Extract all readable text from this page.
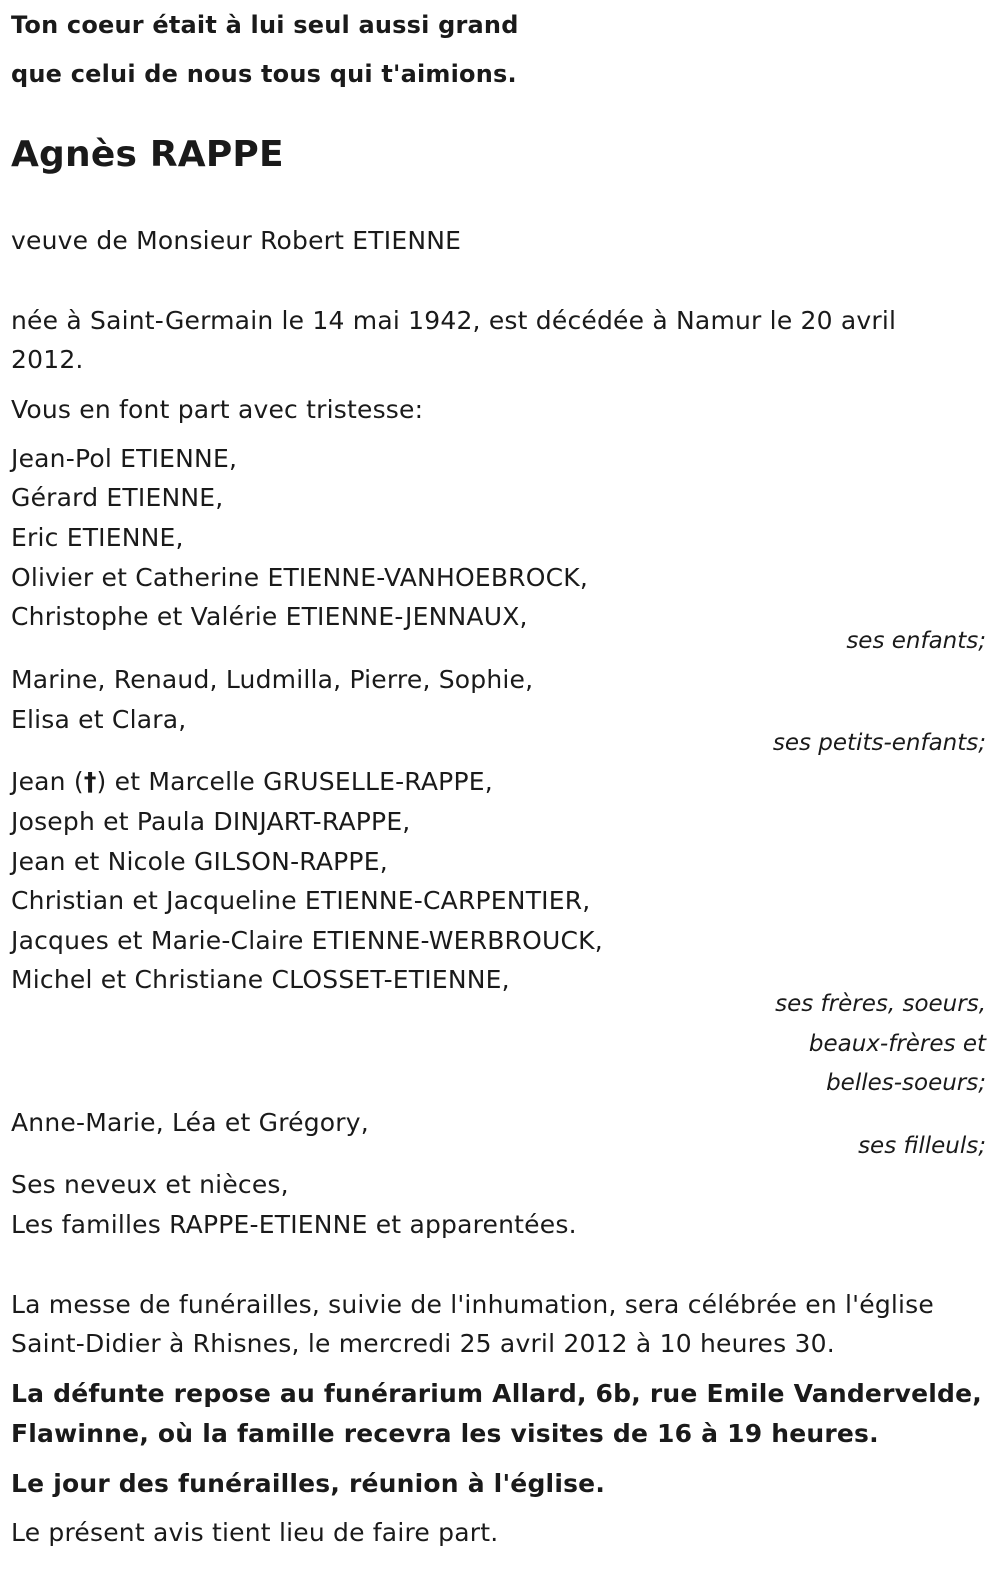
Ton coeur était à lui seul aussi grand
que celui de nous tous qui t'aimions.
Agnès RAPPE
veuve de Monsieur Robert ETIENNE
née à Saint-Germain le 14 mai 1942, est décédée à Namur le 20 avril
2012.
Vous en font part avec tristesse:
Jean-Pol ETIENNE,
Gérard ETIENNE,
Eric ETIENNE,
Olivier et Catherine ETIENNE-VANHOEBROCK,
Christophe et Valérie ETIENNE-JENNAUX,
ses enfants;
Marine, Renaud, Ludmilla, Pierre, Sophie,
Elisa et Clara,
ses petits-enfants;
Jean (†) et Marcelle GRUSELLE-RAPPE,
Joseph et Paula DINJART-RAPPE,
Jean et Nicole GILSON-RAPPE,
Christian et Jacqueline ETIENNE-CARPENTIER,
Jacques et Marie-Claire ETIENNE-WERBROUCK,
Michel et Christiane CLOSSET-ETIENNE,
ses frères, soeurs,
beaux-frères et
belles-soeurs;
Anne-Marie, Léa et Grégory,
ses filleuls;
Ses neveux et nièces,
Les familles RAPPE-ETIENNE et apparentées.
La messe de funérailles, suivie de l'inhumation, sera célébrée en l'église
Saint-Didier à Rhisnes, le mercredi 25 avril 2012 à 10 heures 30.
La défunte repose au funérarium Allard, 6b, rue Emile Vandervelde,
Flawinne, où la famille recevra les visites de 16 à 19 heures.
Le jour des funérailles, réunion à l'église.
Le présent avis tient lieu de faire part.
